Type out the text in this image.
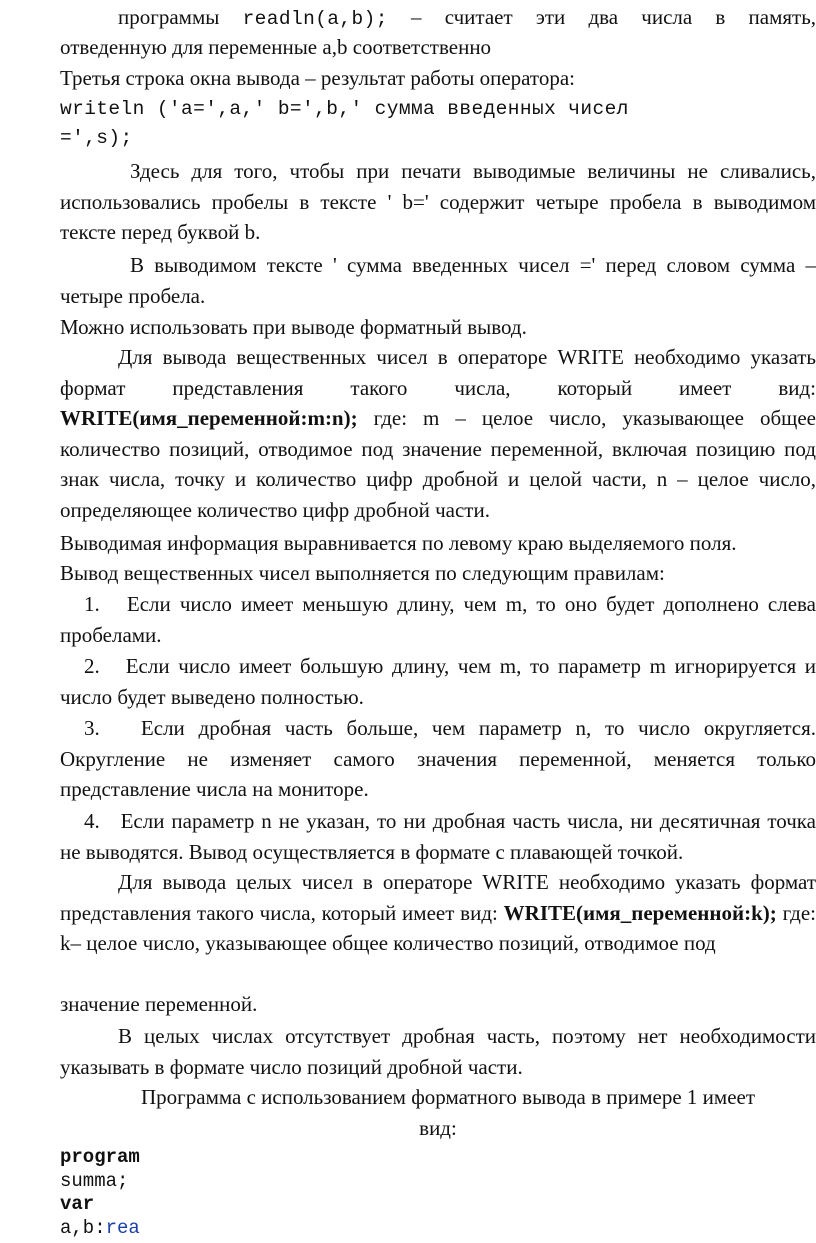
программы readln(a,b); – считает эти два числа в память,

отведенную для переменные a,b соответственно

Третья строка окна вывода – результат работы оператора:

writeln ('a=',a,' b=',b,' сумма введенных чисел

=',s);

Здесь для того, чтобы при печати выводимые величины не сливались, использовались пробелы в тексте ' b=' содержит четыре пробела в выводимом тексте перед буквой b.

В выводимом тексте ' сумма введенных чисел =' перед словом сумма – четыре пробела.

Можно использовать при выводе форматный вывод.

Для вывода вещественных чисел в операторе WRITE необходимо указать формат представления такого числа, который имеет вид: WRITE(имя_переменной:m:n); где: m – целое число, указывающее общее количество позиций, отводимое под значение переменной, включая позицию под знак числа, точку и количество цифр дробной и целой части, n – целое число, определяющее количество цифр дробной части.

Выводимая информация выравнивается по левому краю выделяемого поля.

Вывод вещественных чисел выполняется по следующим правилам:

1. Если число имеет меньшую длину, чем m, то оно будет дополнено слева пробелами.

2. Если число имеет большую длину, чем m, то параметр m игнорируется и число будет выведено полностью.

3. Если дробная часть больше, чем параметр n, то число округляется. Округление не изменяет самого значения переменной, меняется только представление числа на мониторе.

4. Если параметр n не указан, то ни дробная часть числа, ни десятичная точка не выводятся. Вывод осуществляется в формате с плавающей точкой.

Для вывода целых чисел в операторе WRITE необходимо указать формат представления такого числа, который имеет вид: WRITE(имя_переменной:k); где: k– целое число, указывающее общее количество позиций, отводимое под

значение переменной.

В целых числах отсутствует дробная часть, поэтому нет необходимости указывать в формате число позиций дробной части.

Программа с использованием форматного вывода в примере 1 имеет

вид:

program
summa;
var
a,b:rea
